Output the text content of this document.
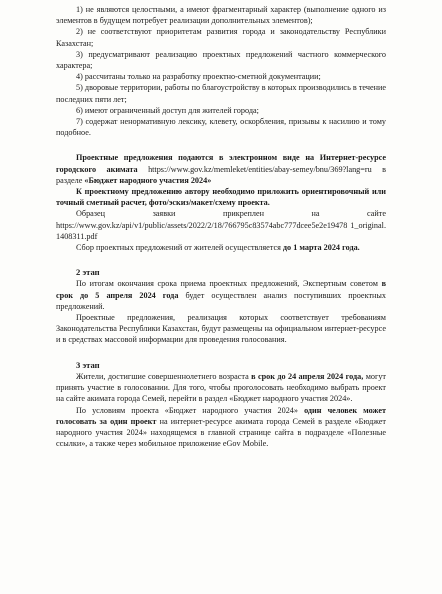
1) не являются целостными, а имеют фрагментарный характер (выполнение одного из элементов в будущем потребует реализации дополнительных элементов);

2) не соответствуют приоритетам развития города и законодательству Республики Казахстан;

3) предусматривают реализацию проектных предложений частного коммерческого характера;

4) рассчитаны только на разработку проектно-сметной документации;

5) дворовые территории, работы по благоустройству в которых производились в течение последних пяти лет;

6) имеют ограниченный доступ для жителей города;

7) содержат ненормативную лексику, клевету, оскорбления, призывы к насилию и тому подобное.

Проектные предложения подаются в электронном виде на Интернет-ресурсе городского акимата https://www.gov.kz/memleket/entities/abay-semey/bnu/369?lang=ru в разделе «Бюджет народного участия 2024»

К проектному предложению автору необходимо приложить ориентировочный или точный сметный расчет, фото/эскиз/макет/схему проекта.

Образец заявки прикреплен на сайте

https://www.gov.kz/api/v1/public/assets/2022/2/18/766795c83574abc777dcee5e2e19478 1_original.1408311.pdf

Сбор проектных предложений от жителей осуществляется до 1 марта 2024 года.

2 этап

По итогам окончания срока приема проектных предложений, Экспертным советом в срок до 5 апреля 2024 года будет осуществлен анализ поступивших проектных предложений.

Проектные предложения, реализация которых соответствует требованиям Законодательства Республики Казахстан, будут размещены на официальном интернет-ресурсе и в средствах массовой информации для проведения голосования.

3 этап

Жители, достигшие совершеннолетнего возраста в срок до 24 апреля 2024 года, могут принять участие в голосовании. Для того, чтобы проголосовать необходимо выбрать проект на сайте акимата города Семей, перейти в раздел «Бюджет народного участия 2024».

По условиям проекта «Бюджет народного участия 2024» один человек может голосовать за один проект на интернет-ресурсе акимата города Семей в разделе «Бюджет народного участия 2024» находящемся в главной странице сайта в подразделе «Полезные ссылки», а также через мобильное приложение eGov Mobile.
